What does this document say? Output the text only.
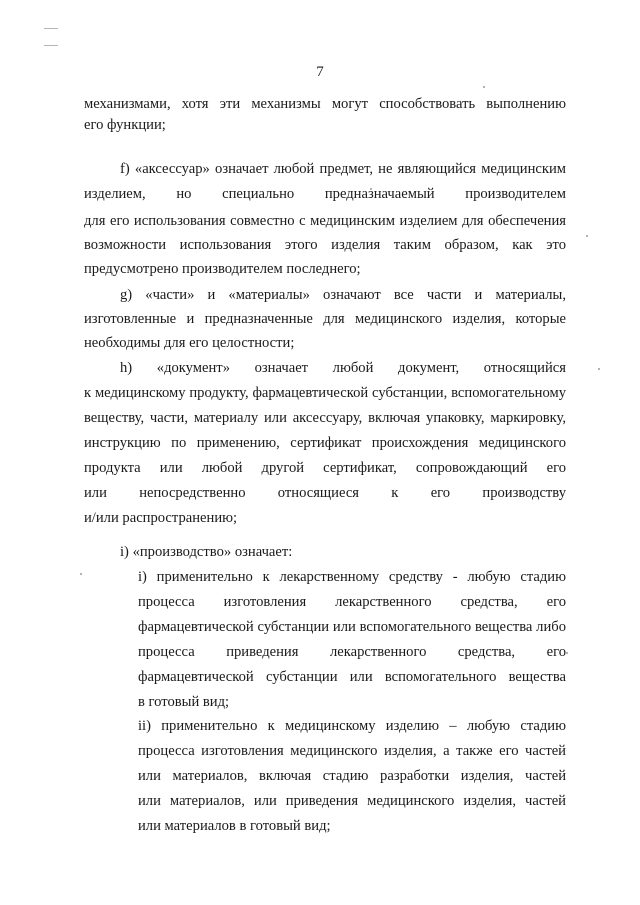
7
механизмами, хотя эти механизмы могут способствовать выполнению
его функции;
f) «аксессуар» означает любой предмет, не являющийся медицинским
изделием, но специально предназначаемый производителем
для его использования совместно с медицинским изделием для обеспечения
возможности использования этого изделия таким образом, как это
предусмотрено производителем последнего;
g) «части» и «материалы» означают все части и материалы,
изготовленные и предназначенные для медицинского изделия, которые
необходимы для его целостности;
h) «документ» означает любой документ, относящийся
к медицинскому продукту, фармацевтической субстанции, вспомогательному
веществу, части, материалу или аксессуару, включая упаковку, маркировку,
инструкцию по применению, сертификат происхождения медицинского
продукта или любой другой сертификат, сопровождающий его
или непосредственно относящиеся к его производству
и/или распространению;
i) «производство» означает:
i) применительно к лекарственному средству - любую стадию
процесса изготовления лекарственного средства, его
фармацевтической субстанции или вспомогательного вещества либо
процесса приведения лекарственного средства, его
фармацевтической субстанции или вспомогательного вещества
в готовый вид;
ii) применительно к медицинскому изделию – любую стадию
процесса изготовления медицинского изделия, а также его частей
или материалов, включая стадию разработки изделия, частей
или материалов, или приведения медицинского изделия, частей
или материалов в готовый вид;
